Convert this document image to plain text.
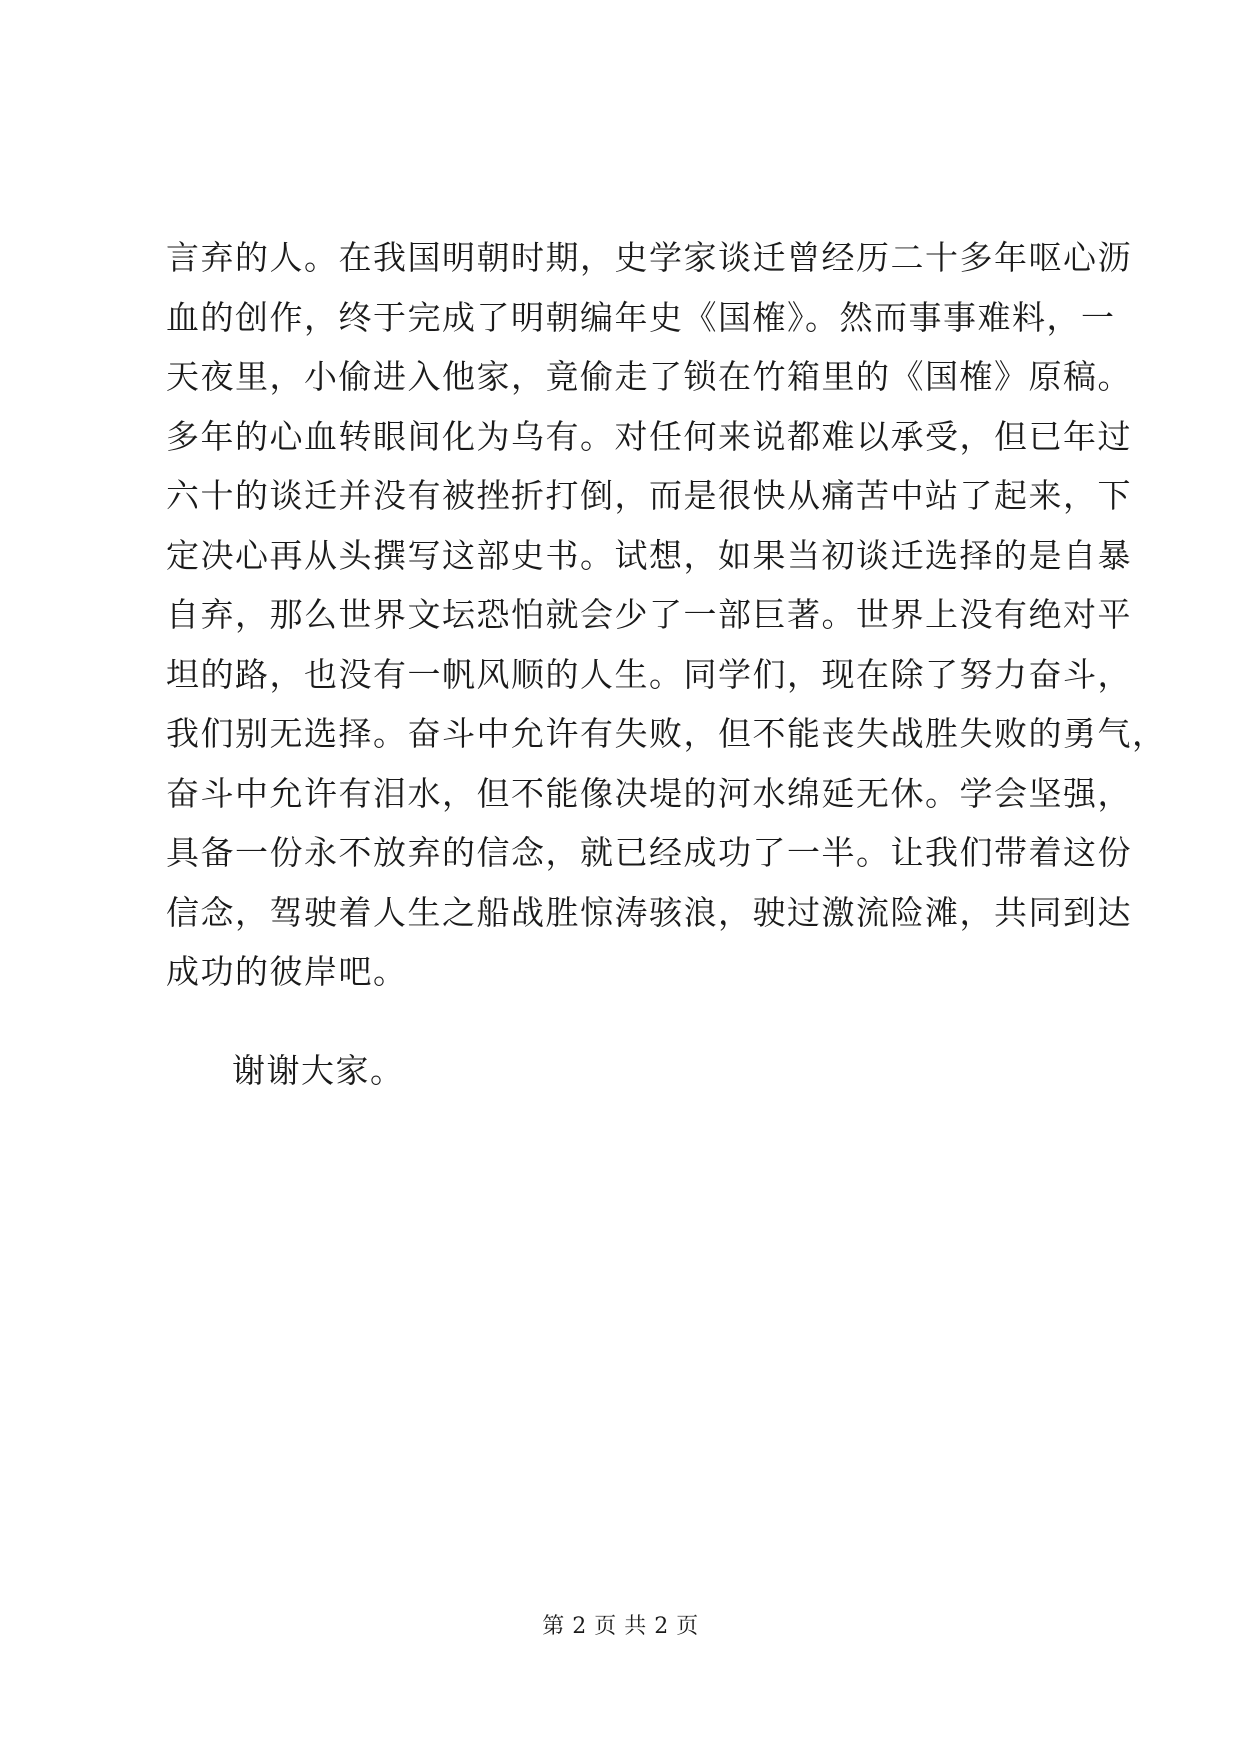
言弃的人。在我国明朝时期，史学家谈迁曾经历二十多年呕心沥
血的创作，终于完成了明朝编年史《国榷》。然而事事难料，一
天夜里，小偷进入他家，竟偷走了锁在竹箱里的《国榷》原稿。
多年的心血转眼间化为乌有。对任何来说都难以承受，但已年过
六十的谈迁并没有被挫折打倒，而是很快从痛苦中站了起来，下
定决心再从头撰写这部史书。试想，如果当初谈迁选择的是自暴
自弃，那么世界文坛恐怕就会少了一部巨著。世界上没有绝对平
坦的路，也没有一帆风顺的人生。同学们，现在除了努力奋斗，
我们别无选择。奋斗中允许有失败，但不能丧失战胜失败的勇气，
奋斗中允许有泪水，但不能像决堤的河水绵延无休。学会坚强，
具备一份永不放弃的信念，就已经成功了一半。让我们带着这份
信念，驾驶着人生之船战胜惊涛骇浪，驶过激流险滩，共同到达
成功的彼岸吧。
谢谢大家。
第 2 页 共 2 页
